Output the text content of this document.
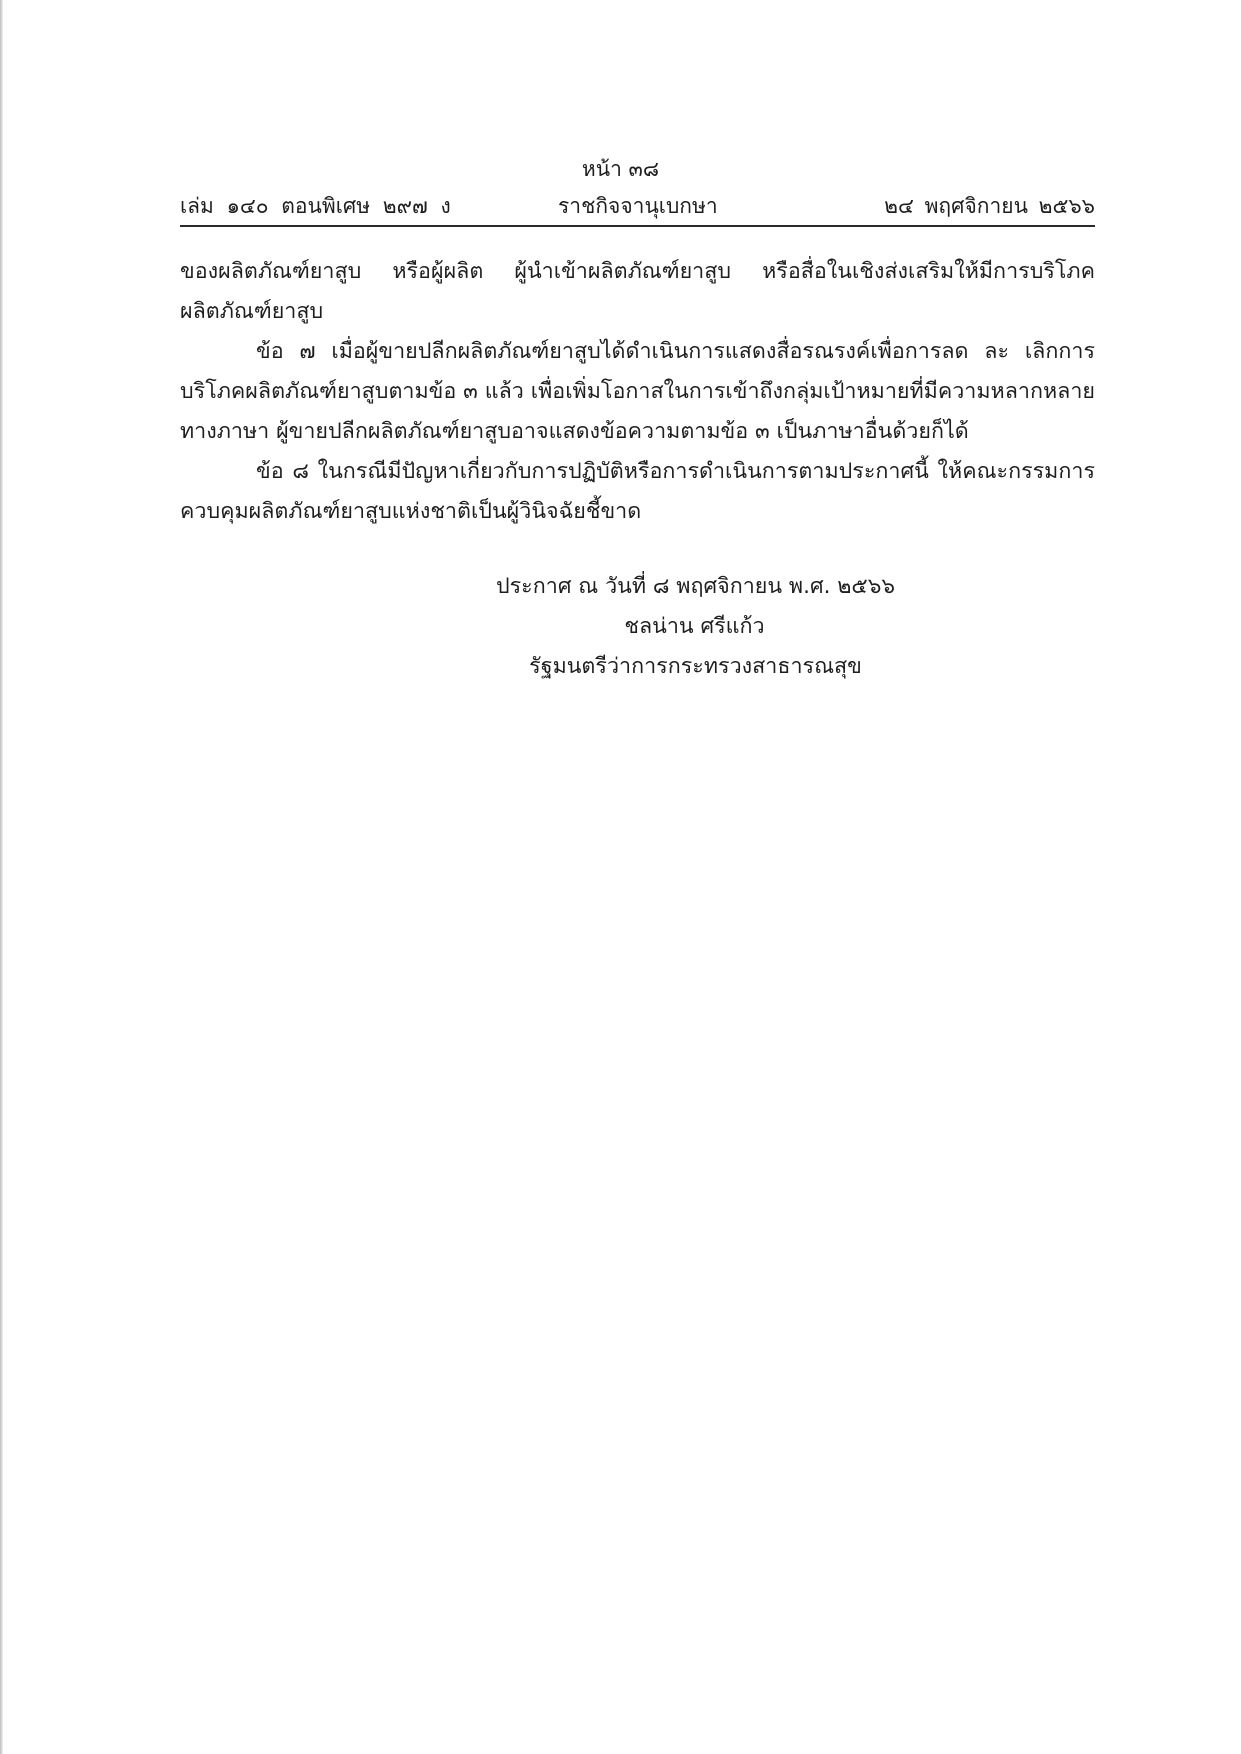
หน้า ๓๘
เล่ม ๑๔๐ ตอนพิเศษ ๒๙๗ ง	ราชกิจจานุเบกษา	๒๔ พฤศจิกายน ๒๕๖๖

ของผลิตภัณฑ์ยาสูบ หรือผู้ผลิต ผู้นำเข้าผลิตภัณฑ์ยาสูบ หรือสื่อในเชิงส่งเสริมให้มีการบริโภคผลิตภัณฑ์ยาสูบ

ข้อ ๗ เมื่อผู้ขายปลีกผลิตภัณฑ์ยาสูบได้ดำเนินการแสดงสื่อรณรงค์เพื่อการลด ละ เลิกการบริโภคผลิตภัณฑ์ยาสูบตามข้อ ๓ แล้ว เพื่อเพิ่มโอกาสในการเข้าถึงกลุ่มเป้าหมายที่มีความหลากหลายทางภาษา ผู้ขายปลีกผลิตภัณฑ์ยาสูบอาจแสดงข้อความตามข้อ ๓ เป็นภาษาอื่นด้วยก็ได้

ข้อ ๘ ในกรณีมีปัญหาเกี่ยวกับการปฏิบัติหรือการดำเนินการตามประกาศนี้ ให้คณะกรรมการควบคุมผลิตภัณฑ์ยาสูบแห่งชาติเป็นผู้วินิจฉัยชี้ขาด

ประกาศ ณ วันที่ ๘ พฤศจิกายน พ.ศ. ๒๕๖๖
ชลน่าน ศรีแก้ว
รัฐมนตรีว่าการกระทรวงสาธารณสุข
